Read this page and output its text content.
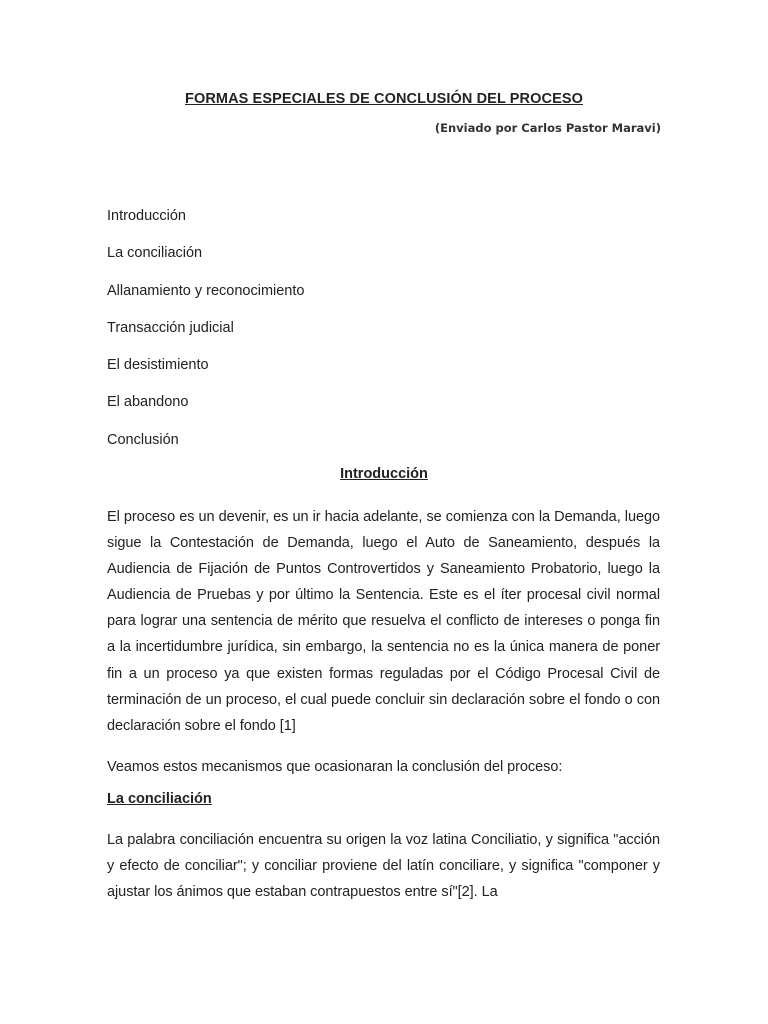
FORMAS ESPECIALES DE CONCLUSIÓN DEL PROCESO

(Enviado por Carlos Pastor Maravi)

Introducción
La conciliación
Allanamiento y reconocimiento
Transacción judicial
El desistimiento
El abandono
Conclusión
Introducción

El proceso es un devenir, es un ir hacia adelante, se comienza con la Demanda, luego sigue la Contestación de Demanda, luego el Auto de Saneamiento, después la Audiencia de Fijación de Puntos Controvertidos y Saneamiento Probatorio, luego la Audiencia de Pruebas y por último la Sentencia. Este es el íter procesal civil normal para lograr una sentencia de mérito que resuelva el conflicto de intereses o ponga fin a la incertidumbre jurídica, sin embargo, la sentencia no es la única manera de poner fin a un proceso ya que existen formas reguladas por el Código Procesal Civil de terminación de un proceso, el cual puede concluir sin declaración sobre el fondo o con declaración sobre el fondo [1]

Veamos estos mecanismos que ocasionaran la conclusión del proceso:

La conciliación

La palabra conciliación encuentra su origen la voz latina Conciliatio, y significa "acción y efecto de conciliar"; y conciliar proviene del latín conciliare, y significa "componer y ajustar los ánimos que estaban contrapuestos entre sí"[2]. La
